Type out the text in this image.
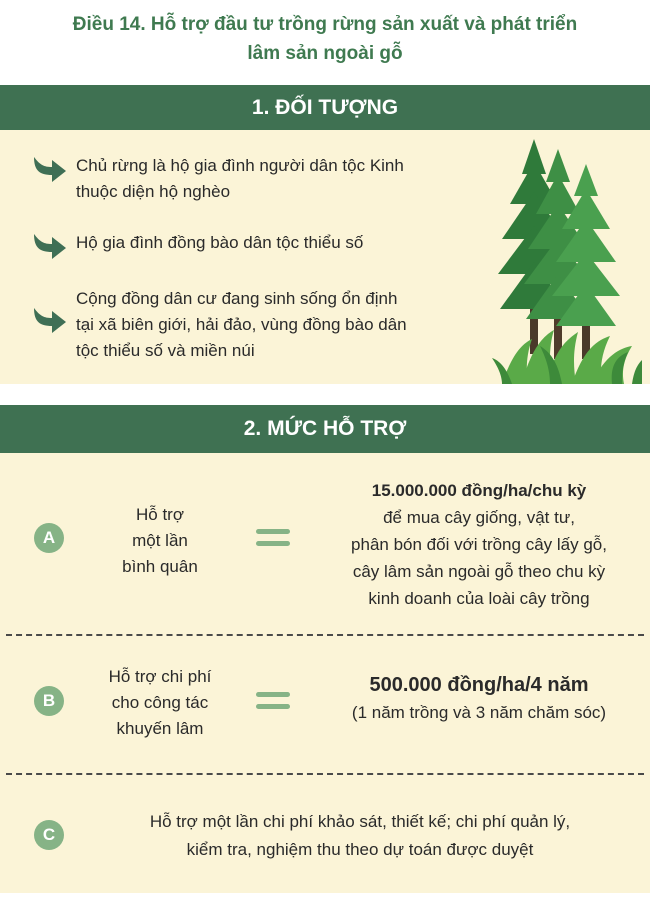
Điều 14. Hỗ trợ đầu tư trồng rừng sản xuất và phát triển
lâm sản ngoài gỗ
1. ĐỐI TƯỢNG
Chủ rừng là hộ gia đình người dân tộc Kinh
thuộc diện hộ nghèo
Hộ gia đình đồng bào dân tộc thiểu số
Cộng đồng dân cư đang sinh sống ổn định
tại xã biên giới, hải đảo, vùng đồng bào dân
tộc thiểu số và miền núi
2. MỨC HỖ TRỢ
A
Hỗ trợ
một lần
bình quân
15.000.000 đồng/ha/chu kỳ
để mua cây giống, vật tư,
phân bón đối với trồng cây lấy gỗ,
cây lâm sản ngoài gỗ theo chu kỳ
kinh doanh của loài cây trồng
B
Hỗ trợ chi phí
cho công tác
khuyến lâm
500.000 đồng/ha/4 năm
(1 năm trồng và 3 năm chăm sóc)
C
Hỗ trợ một lần chi phí khảo sát, thiết kế; chi phí quản lý,
kiểm tra, nghiệm thu theo dự toán được duyệt
